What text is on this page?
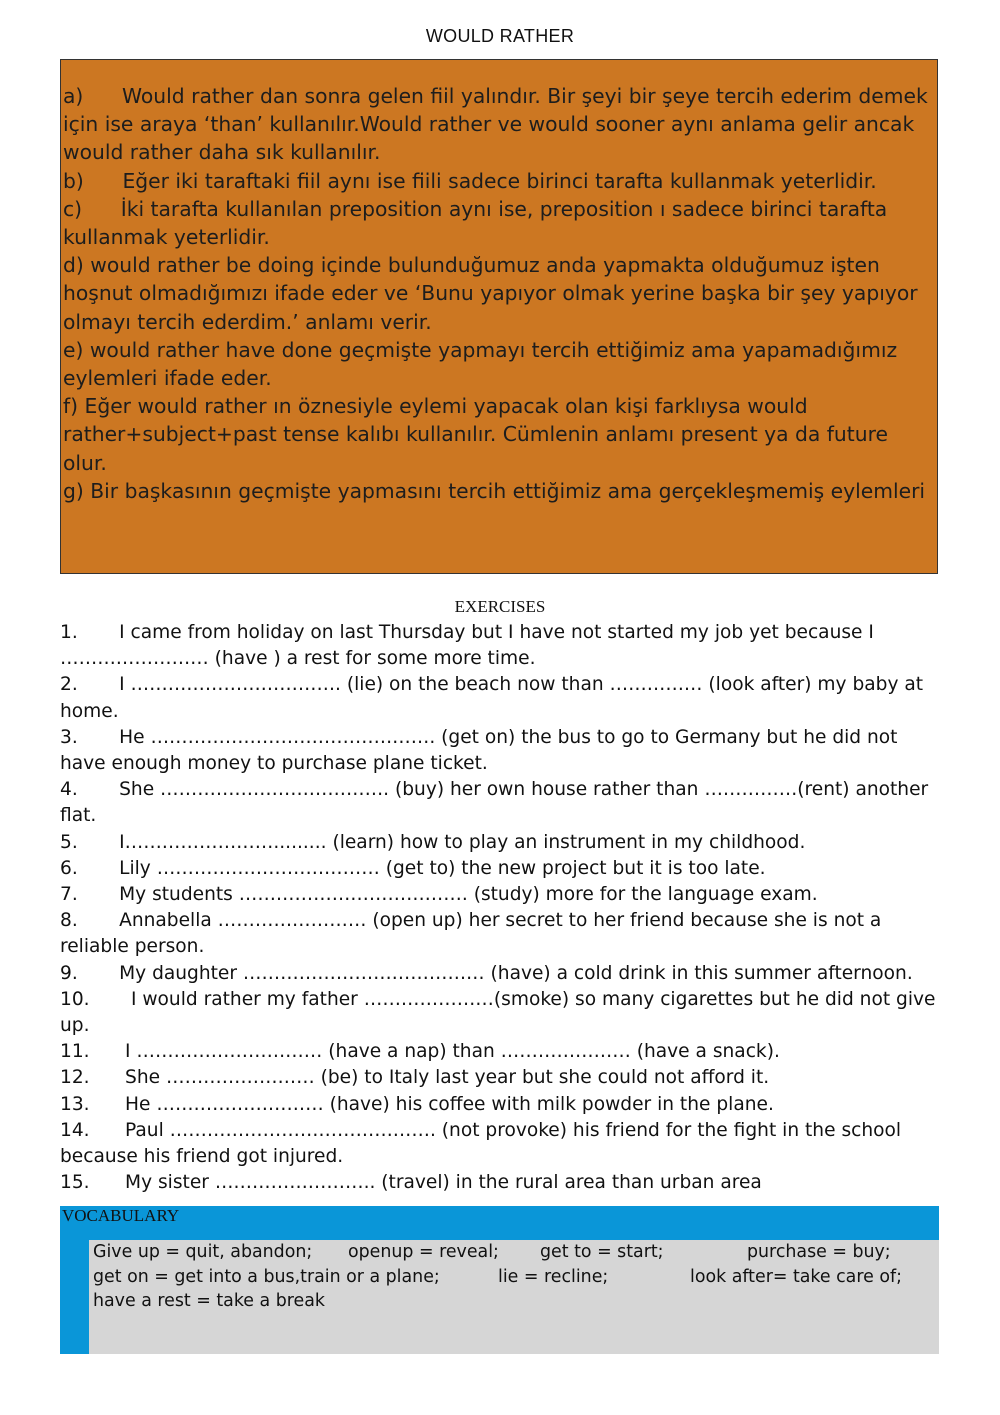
WOULD RATHER

a)      Would rather dan sonra gelen fiil yalındır. Bir şeyi bir şeye tercih ederim demek için ise araya ‘than’ kullanılır.Would rather ve would sooner aynı anlama gelir ancak would rather daha sık kullanılır.

b)      Eğer iki taraftaki fiil aynı ise fiili sadece birinci tarafta kullanmak yeterlidir.

c)      İki tarafta kullanılan preposition aynı ise, preposition ı sadece birinci tarafta kullanmak yeterlidir.

d) would rather be doing içinde bulunduğumuz anda yapmakta olduğumuz işten hoşnut olmadığımızı ifade eder ve ‘Bunu yapıyor olmak yerine başka bir şey yapıyor olmayı tercih ederdim.’ anlamı verir.

e) would rather have done geçmişte yapmayı tercih ettiğimiz ama yapamadığımız eylemleri ifade eder.

f) Eğer would rather ın öznesiyle eylemi yapacak olan kişi farklıysa would rather+subject+past tense kalıbı kullanılır. Cümlenin anlamı present ya da future olur.

g) Bir başkasının geçmişte yapmasını tercih ettiğimiz ama gerçekleşmemiş eylemleri

EXERCISES

1.       I came from holiday on last Thursday but I have not started my job yet because I …………………… (have ) a rest for some more time.

2.       I ……………………………. (lie) on the beach now than …………… (look after) my baby at home.

3.       He ………………………………………. (get on) the bus to go to Germany but he did not have enough money to purchase plane ticket.

4.       She ………………………………. (buy) her own house rather than ……………(rent) another flat.

5.       I……………………......... (learn) how to play an instrument in my childhood.

6.       Lily ……………………………… (get to) the new project but it is too late.

7.       My students ………………………………. (study) more for the language exam.

8.       Annabella …………………… (open up) her secret to her friend because she is not a reliable person.

9.       My daughter ………………………………… (have) a cold drink in this summer afternoon.

10.       I would rather my father …………………(smoke) so many cigarettes but he did not give up.

11.      I ………………………… (have a nap) than ………………… (have a snack).

12.      She …………………… (be) to Italy last year but she could not afford it.

13.      He ……………………… (have) his coffee with milk powder in the plane.

14.      Paul ……………………………………. (not provoke) his friend for the fight in the school because his friend got injured.

15.      My sister …………………….. (travel) in the rural area than urban area

VOCABULARY
Give up = quit, abandon; openup = reveal; get to = start;	purchase = buy;
get on = get into a bus,train or a plane;	lie = recline;	look after= take care of;
have a rest = take a break
